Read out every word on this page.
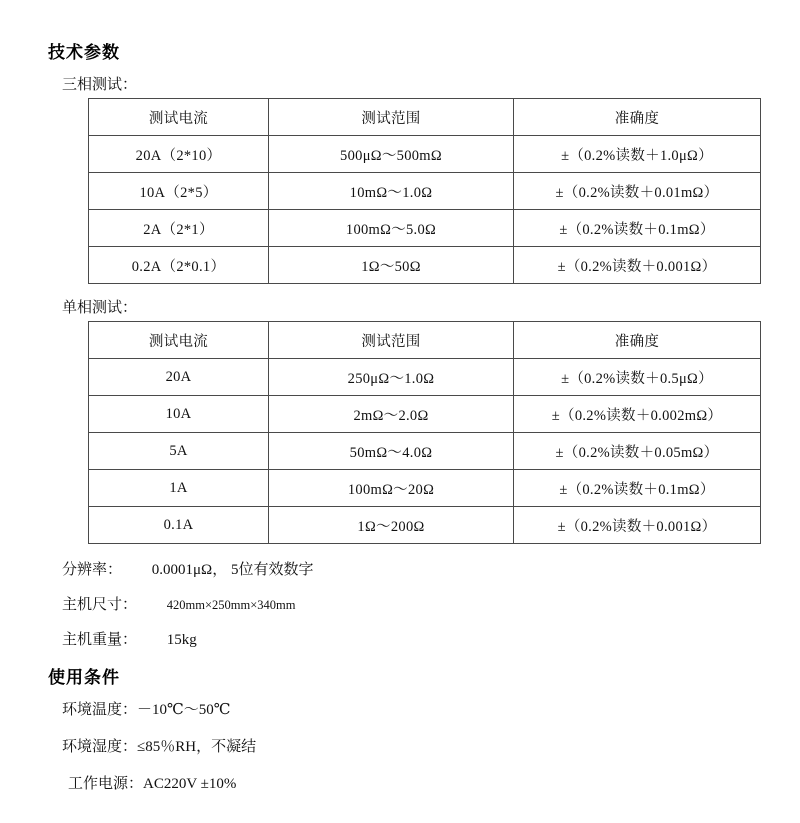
技术参数
三相测试：
测试电流	测试范围	准确度
20A（2*10）	500μΩ～500mΩ	±（0.2%读数＋1.0μΩ）
10A（2*5）	10mΩ～1.0Ω	±（0.2%读数＋0.01mΩ）
2A（2*1）	100mΩ～5.0Ω	±（0.2%读数＋0.1mΩ）
0.2A（2*0.1）	1Ω～50Ω	±（0.2%读数＋0.001Ω）
单相测试：
测试电流	测试范围	准确度
20A	250μΩ～1.0Ω	±（0.2%读数＋0.5μΩ）
10A	2mΩ～2.0Ω	±（0.2%读数＋0.002mΩ）
5A	50mΩ～4.0Ω	±（0.2%读数＋0.05mΩ）
1A	100mΩ～20Ω	±（0.2%读数＋0.1mΩ）
0.1A	1Ω～200Ω	±（0.2%读数＋0.001Ω）
分辨率： 0.0001μΩ， 5位有效数字
主机尺寸： 420mm×250mm×340mm
主机重量： 15kg
使用条件
环境温度：－10℃～50℃
环境湿度：≤85％RH，不凝结
工作电源：AC220V ±10%
